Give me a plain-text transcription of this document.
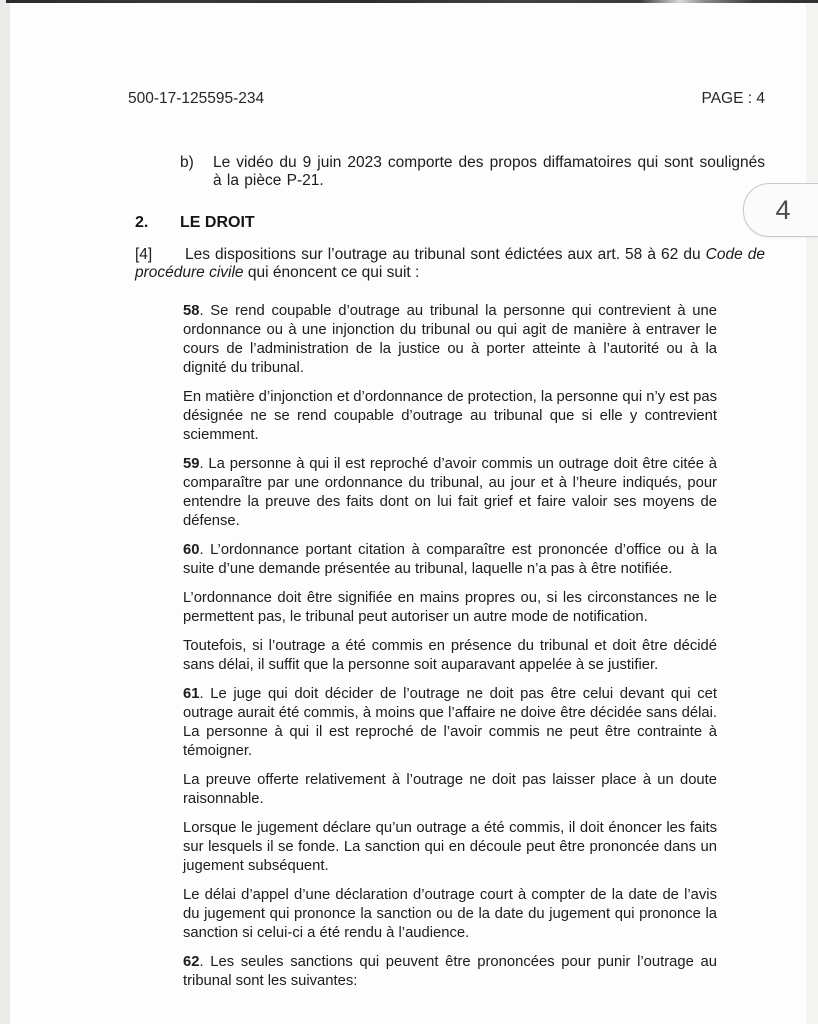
500-17-125595-234	PAGE : 4
b)	Le vidéo du 9 juin 2023 comporte des propos diffamatoires qui sont soulignés à la pièce P-21.

2. LE DROIT

[4] Les dispositions sur l’outrage au tribunal sont édictées aux art. 58 à 62 du Code de procédure civile qui énoncent ce qui suit :

58. Se rend coupable d’outrage au tribunal la personne qui contrevient à une ordonnance ou à une injonction du tribunal ou qui agit de manière à entraver le cours de l’administration de la justice ou à porter atteinte à l’autorité ou à la dignité du tribunal.

En matière d’injonction et d’ordonnance de protection, la personne qui n’y est pas désignée ne se rend coupable d’outrage au tribunal que si elle y contrevient sciemment.

59. La personne à qui il est reproché d’avoir commis un outrage doit être citée à comparaître par une ordonnance du tribunal, au jour et à l’heure indiqués, pour entendre la preuve des faits dont on lui fait grief et faire valoir ses moyens de défense.

60. L’ordonnance portant citation à comparaître est prononcée d’office ou à la suite d’une demande présentée au tribunal, laquelle n’a pas à être notifiée.

L’ordonnance doit être signifiée en mains propres ou, si les circonstances ne le permettent pas, le tribunal peut autoriser un autre mode de notification.

Toutefois, si l’outrage a été commis en présence du tribunal et doit être décidé sans délai, il suffit que la personne soit auparavant appelée à se justifier.

61. Le juge qui doit décider de l’outrage ne doit pas être celui devant qui cet outrage aurait été commis, à moins que l’affaire ne doive être décidée sans délai. La personne à qui il est reproché de l’avoir commis ne peut être contrainte à témoigner.

La preuve offerte relativement à l’outrage ne doit pas laisser place à un doute raisonnable.

Lorsque le jugement déclare qu’un outrage a été commis, il doit énoncer les faits sur lesquels il se fonde. La sanction qui en découle peut être prononcée dans un jugement subséquent.

Le délai d’appel d’une déclaration d’outrage court à compter de la date de l’avis du jugement qui prononce la sanction ou de la date du jugement qui prononce la sanction si celui-ci a été rendu à l’audience.

62. Les seules sanctions qui peuvent être prononcées pour punir l’outrage au tribunal sont les suivantes:

4
